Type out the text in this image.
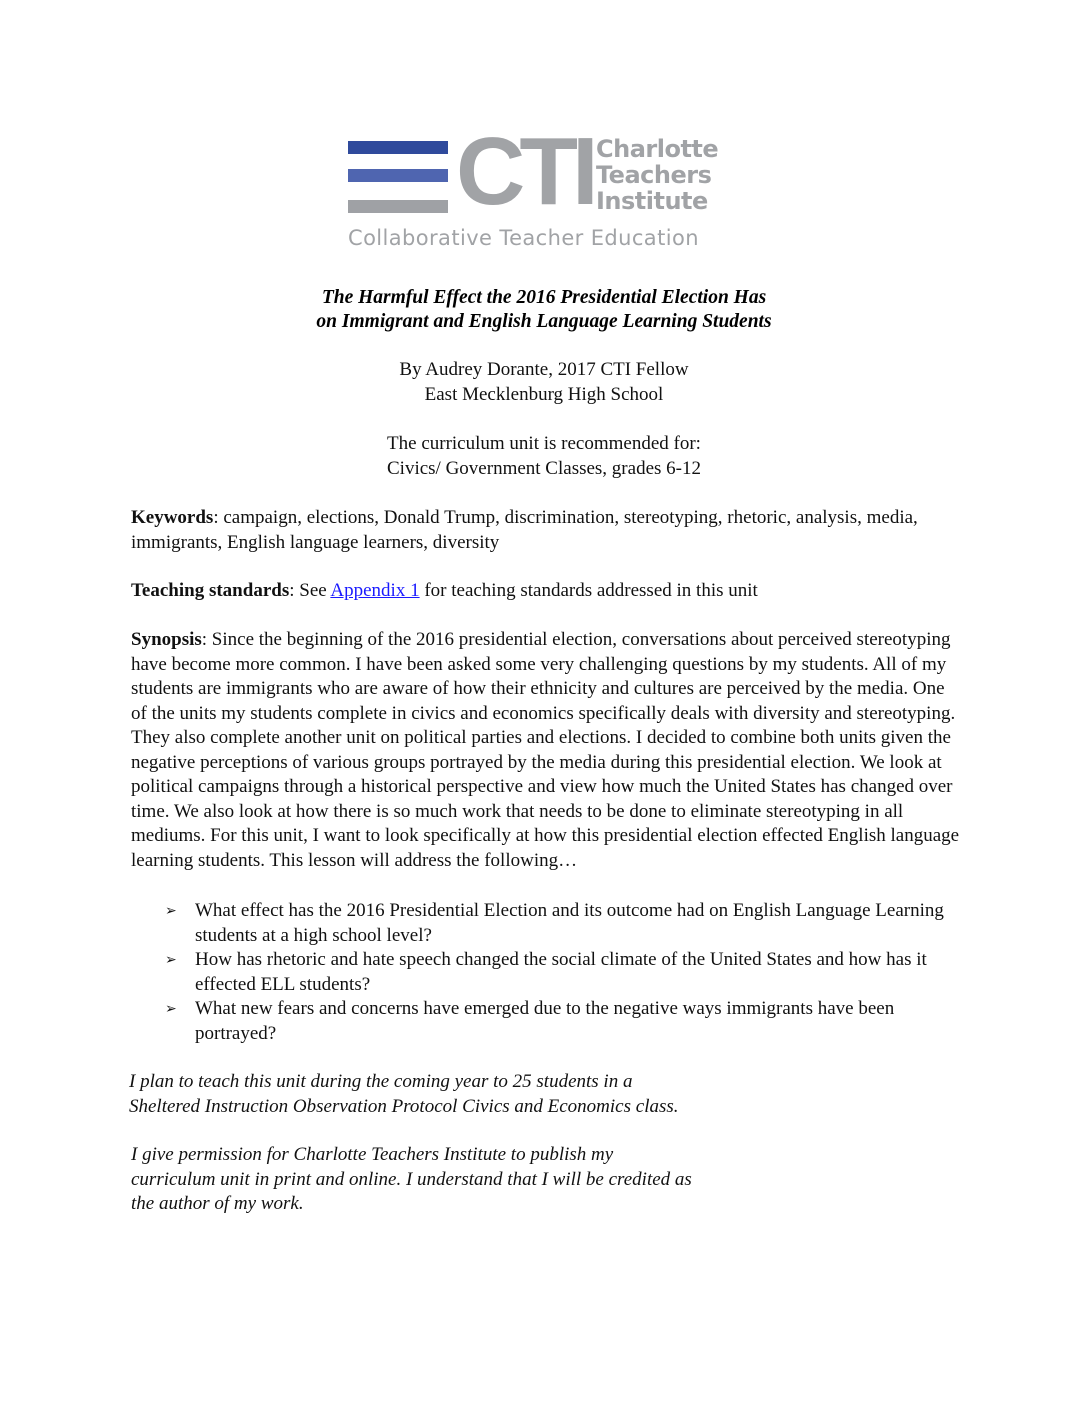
CTI Charlotte
Teachers
Institute
Collaborative Teacher Education
The Harmful Effect the 2016 Presidential Election Has
on Immigrant and English Language Learning Students
By Audrey Dorante, 2017 CTI Fellow
East Mecklenburg High School
The curriculum unit is recommended for:
Civics/ Government Classes, grades 6-12
Keywords: campaign, elections, Donald Trump, discrimination, stereotyping, rhetoric, analysis, media, immigrants, English language learners, diversity
Teaching standards: See Appendix 1 for teaching standards addressed in this unit
Synopsis: Since the beginning of the 2016 presidential election, conversations about perceived stereotyping have become more common. I have been asked some very challenging questions by my students. All of my students are immigrants who are aware of how their ethnicity and cultures are perceived by the media. One of the units my students complete in civics and economics specifically deals with diversity and stereotyping. They also complete another unit on political parties and elections. I decided to combine both units given the negative perceptions of various groups portrayed by the media during this presidential election. We look at political campaigns through a historical perspective and view how much the United States has changed over time. We also look at how there is so much work that needs to be done to eliminate stereotyping in all mediums. For this unit, I want to look specifically at how this presidential election effected English language learning students. This lesson will address the following…
➢ What effect has the 2016 Presidential Election and its outcome had on English Language Learning students at a high school level?
➢ How has rhetoric and hate speech changed the social climate of the United States and how has it effected ELL students?
➢ What new fears and concerns have emerged due to the negative ways immigrants have been portrayed?
I plan to teach this unit during the coming year to 25 students in a
Sheltered Instruction Observation Protocol Civics and Economics class.
I give permission for Charlotte Teachers Institute to publish my
curriculum unit in print and online. I understand that I will be credited as
the author of my work.
